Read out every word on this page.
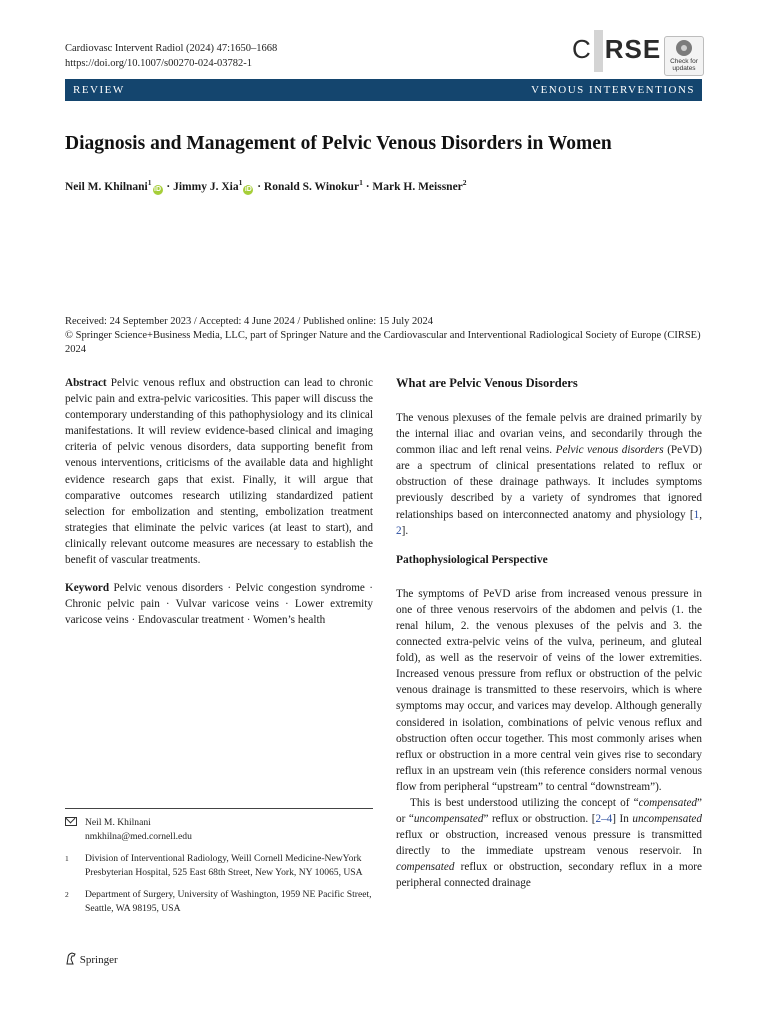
Cardiovasc Intervent Radiol (2024) 47:1650–1668
https://doi.org/10.1007/s00270-024-03782-1	C RSE	Check for
updates
REVIEW	VENOUS INTERVENTIONS
Diagnosis and Management of Pelvic Venous Disorders in Women
Neil M. Khilnani$^1$iD · Jimmy J. Xia$^1$iD · Ronald S. Winokur$^1$ · Mark H. Meissner$^2$
Received: 24 September 2023 / Accepted: 4 June 2024 / Published online: 15 July 2024
© Springer Science+Business Media, LLC, part of Springer Nature and the Cardiovascular and Interventional Radiological Society of Europe (CIRSE) 2024

Abstract Pelvic venous reflux and obstruction can lead to chronic pelvic pain and extra-pelvic varicosities. This paper will discuss the contemporary understanding of this pathophysiology and its clinical manifestations. It will review evidence-based clinical and imaging criteria of pelvic venous disorders, data supporting benefit from venous interventions, criticisms of the available data and highlight evidence research gaps that exist. Finally, it will argue that comparative outcomes research utilizing standardized patient selection for embolization and stenting, embolization treatment strategies that eliminate the pelvic varices (at least to start), and clinically relevant outcome measures are necessary to establish the benefit of vascular treatments.

Keyword Pelvic venous disorders · Pelvic congestion syndrome · Chronic pelvic pain · Vulvar varicose veins · Lower extremity varicose veins · Endovascular treatment · Women’s health

Neil M. Khilnani
nmkhilna@med.cornell.edu
1 Division of Interventional Radiology, Weill Cornell Medicine-NewYork Presbyterian Hospital, 525 East 68th Street, New York, NY 10065, USA
2 Department of Surgery, University of Washington, 1959 NE Pacific Street, Seattle, WA 98195, USA
What are Pelvic Venous Disorders

The venous plexuses of the female pelvis are drained primarily by the internal iliac and ovarian veins, and secondarily through the common iliac and left renal veins. Pelvic venous disorders (PeVD) are a spectrum of clinical presentations related to reflux or obstruction of these drainage pathways. It includes symptoms previously described by a variety of syndromes that ignored relationships based on interconnected anatomy and physiology [1, 2].

Pathophysiological Perspective

The symptoms of PeVD arise from increased venous pressure in one of three venous reservoirs of the abdomen and pelvis (1. the renal hilum, 2. the venous plexuses of the pelvis and 3. the connected extra-pelvic veins of the vulva, perineum, and gluteal fold), as well as the reservoir of veins of the lower extremities. Increased venous pressure from reflux or obstruction of the pelvic venous drainage is transmitted to these reservoirs, which is where symptoms may occur, and varices may develop. Although generally considered in isolation, combinations of pelvic venous reflux and obstruction often occur together. This most commonly arises when reflux or obstruction in a more central vein gives rise to secondary reflux in an upstream vein (this reference considers normal venous flow from peripheral “upstream” to central “downstream”).

This is best understood utilizing the concept of “compensated” or “uncompensated” reflux or obstruction. [2–4] In uncompensated reflux or obstruction, increased venous pressure is transmitted directly to the immediate upstream venous reservoir. In compensated reflux or obstruction, secondary reflux in a more peripheral connected drainage

Springer
